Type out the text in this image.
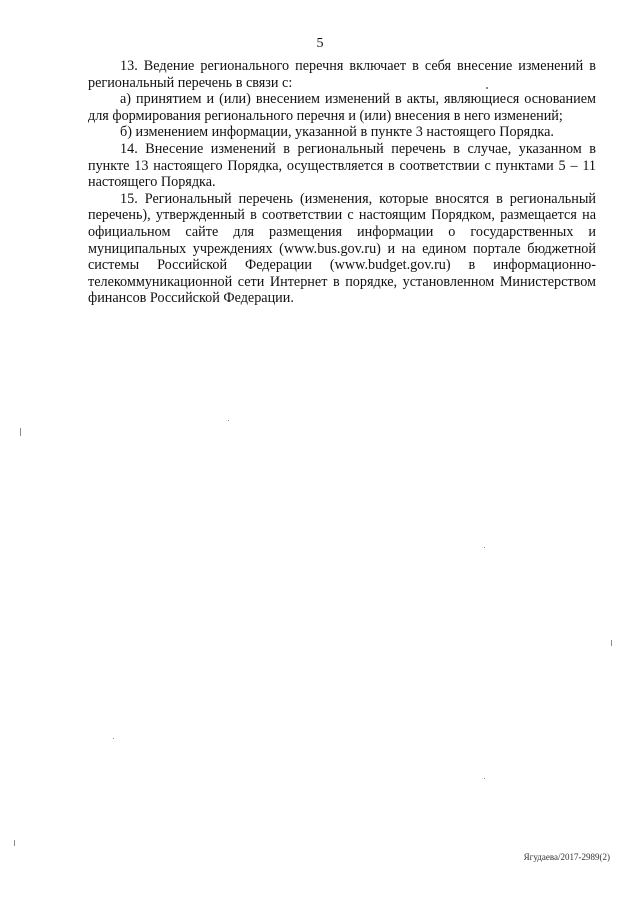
5

13. Ведение регионального перечня включает в себя внесение изменений в региональный перечень в связи с:

а) принятием и (или) внесением изменений в акты, являющиеся основанием для формирования регионального перечня и (или) внесения в него изменений;

б) изменением информации, указанной в пункте 3 настоящего Порядка.

14. Внесение изменений в региональный перечень в случае, указанном в пункте 13 настоящего Порядка, осуществляется в соответствии с пунктами 5 – 11 настоящего Порядка.

15. Региональный перечень (изменения, которые вносятся в региональный перечень), утвержденный в соответствии с настоящим Порядком, размещается на официальном сайте для размещения информации о государственных и муниципальных учреждениях (www.bus.gov.ru) и на едином портале бюджетной системы Российской Федерации (www.budget.gov.ru) в информационно-телекоммуникационной сети Интернет в порядке, установленном Министерством финансов Российской Федерации.

Ягудаева/2017-2989(2)
